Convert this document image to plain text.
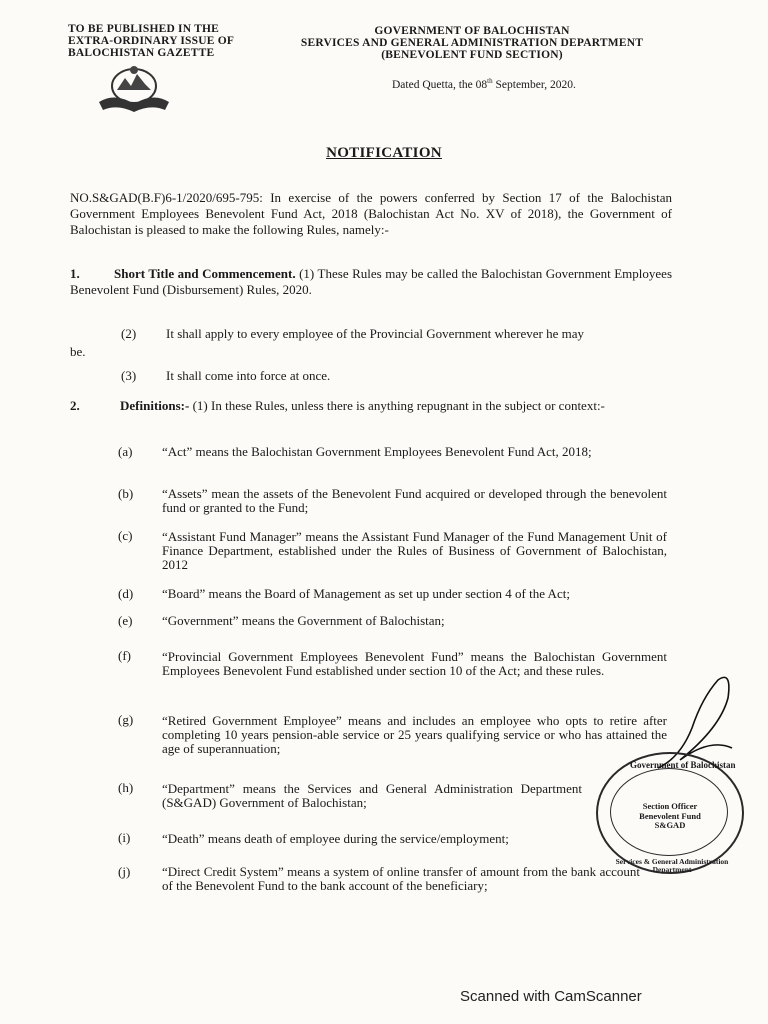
TO BE PUBLISHED IN THE
EXTRA-ORDINARY ISSUE OF
BALOCHISTAN GAZETTE
GOVERNMENT OF BALOCHISTAN
SERVICES AND GENERAL ADMINISTRATION DEPARTMENT
(BENEVOLENT FUND SECTION)
Dated Quetta, the 08th September, 2020.
NOTIFICATION
NO.S&GAD(B.F)6-1/2020/695-795: In exercise of the powers conferred by Section 17 of the Balochistan Government Employees Benevolent Fund Act, 2018 (Balochistan Act No. XV of 2018), the Government of Balochistan is pleased to make the following Rules, namely:-
1.	Short Title and Commencement. (1) These Rules may be called the Balochistan Government Employees Benevolent Fund (Disbursement) Rules, 2020.
(2) It shall apply to every employee of the Provincial Government wherever he may
be.
(3) It shall come into force at once.
2.	Definitions:- (1) In these Rules, unless there is anything repugnant in the subject or context:-
(a) “Act” means the Balochistan Government Employees Benevolent Fund Act, 2018;
(b) “Assets” mean the assets of the Benevolent Fund acquired or developed through the benevolent fund or granted to the Fund;
(c) “Assistant Fund Manager” means the Assistant Fund Manager of the Fund Management Unit of Finance Department, established under the Rules of Business of Government of Balochistan, 2012
(d) “Board” means the Board of Management as set up under section 4 of the Act;
(e) “Government” means the Government of Balochistan;
(f) “Provincial Government Employees Benevolent Fund” means the Balochistan Government Employees Benevolent Fund established under section 10 of the Act; and these rules.
(g) “Retired Government Employee” means and includes an employee who opts to retire after completing 10 years pension-able service or 25 years qualifying service or who has attained the age of superannuation;
(h) “Department” means the Services and General Administration Department (S&GAD) Government of Balochistan;
(i) “Death” means death of employee during the service/employment;
(j) “Direct Credit System” means a system of online transfer of amount from the bank account of the Benevolent Fund to the bank account of the beneficiary;
Government of Balochistan
Services & General Administration Department
Section Officer
Benevolent Fund
S&GAD
Scanned with CamScanner
